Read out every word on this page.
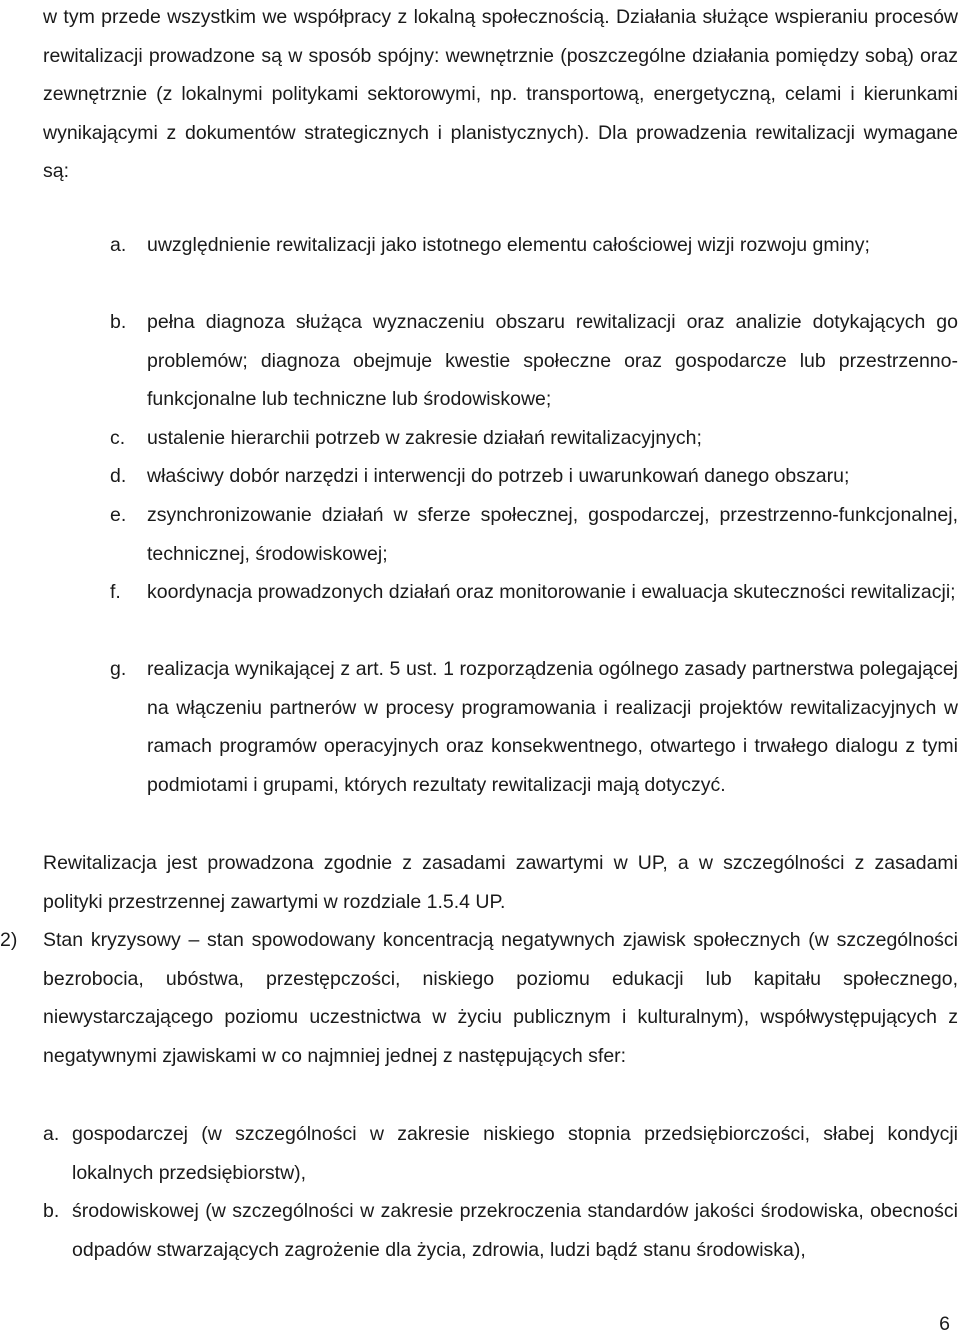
w tym przede wszystkim we współpracy z lokalną społecznością. Działania służące wspieraniu procesów rewitalizacji prowadzone są w sposób spójny: wewnętrznie (poszczególne działania pomiędzy sobą) oraz zewnętrznie (z lokalnymi politykami sektorowymi, np. transportową, energetyczną, celami i kierunkami wynikającymi z dokumentów strategicznych i planistycznych). Dla prowadzenia rewitalizacji wymagane są:
a. uwzględnienie rewitalizacji jako istotnego elementu całościowej wizji rozwoju gminy;
b. pełna diagnoza służąca wyznaczeniu obszaru rewitalizacji oraz analizie dotykających go problemów; diagnoza obejmuje kwestie społeczne oraz gospodarcze lub przestrzenno-funkcjonalne lub techniczne lub środowiskowe;
c. ustalenie hierarchii potrzeb w zakresie działań rewitalizacyjnych;
d. właściwy dobór narzędzi i interwencji do potrzeb i uwarunkowań danego obszaru;
e. zsynchronizowanie działań w sferze społecznej, gospodarczej, przestrzenno-funkcjonalnej, technicznej, środowiskowej;
f. koordynacja prowadzonych działań oraz monitorowanie i ewaluacja skuteczności rewitalizacji;
g. realizacja wynikającej z art. 5 ust. 1 rozporządzenia ogólnego zasady partnerstwa polegającej na włączeniu partnerów w procesy programowania i realizacji projektów rewitalizacyjnych w ramach programów operacyjnych oraz konsekwentnego, otwartego i trwałego dialogu z tymi podmiotami i grupami, których rezultaty rewitalizacji mają dotyczyć.
Rewitalizacja jest prowadzona zgodnie z zasadami zawartymi w UP, a w szczególności z zasadami polityki przestrzennej zawartymi w rozdziale 1.5.4 UP.
2) Stan kryzysowy – stan spowodowany koncentracją negatywnych zjawisk społecznych (w szczególności bezrobocia, ubóstwa, przestępczości, niskiego poziomu edukacji lub kapitału społecznego, niewystarczającego poziomu uczestnictwa w życiu publicznym i kulturalnym), współwystępujących z negatywnymi zjawiskami w co najmniej jednej z następujących sfer:
a. gospodarczej (w szczególności w zakresie niskiego stopnia przedsiębiorczości, słabej kondycji lokalnych przedsiębiorstw),
b. środowiskowej (w szczególności w zakresie przekroczenia standardów jakości środowiska, obecności odpadów stwarzających zagrożenie dla życia, zdrowia, ludzi bądź stanu środowiska),
6
